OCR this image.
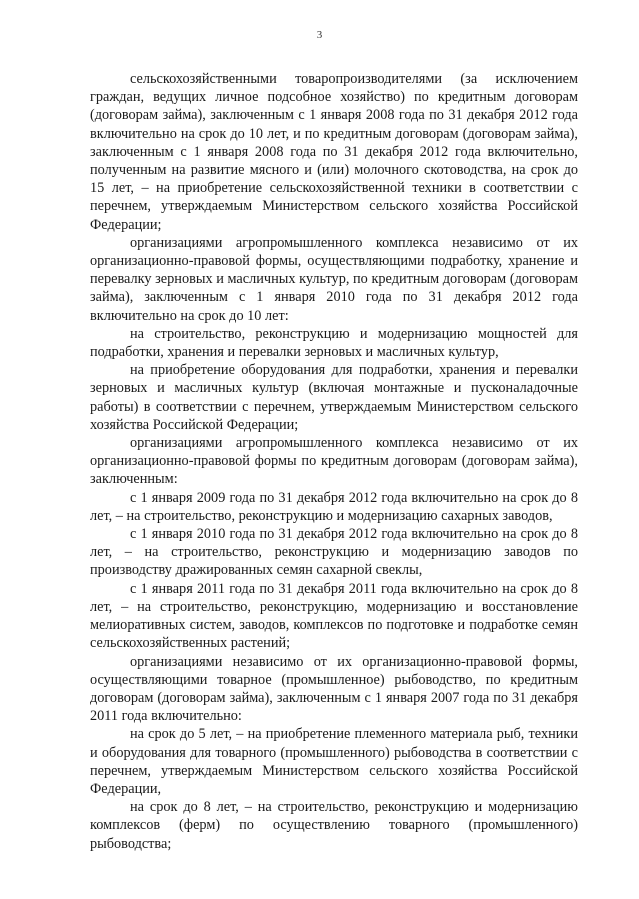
3

сельскохозяйственными товаропроизводителями (за исключением граждан, ведущих личное подсобное хозяйство) по кредитным договорам (договорам займа), заключенным с 1 января 2008 года по 31 декабря 2012 года включительно на срок до 10 лет, и по кредитным договорам (договорам займа), заключенным с 1 января 2008 года по 31 декабря 2012 года включительно, полученным на развитие мясного и (или) молочного скотоводства, на срок до 15 лет, – на приобретение сельскохозяйственной техники в соответствии с перечнем, утверждаемым Министерством сельского хозяйства Российской Федерации;

организациями агропромышленного комплекса независимо от их организационно-правовой формы, осуществляющими подработку, хранение и перевалку зерновых и масличных культур, по кредитным договорам (договорам займа), заключенным с 1 января 2010 года по 31 декабря 2012 года включительно на срок до 10 лет:

на строительство, реконструкцию и модернизацию мощностей для подработки, хранения и перевалки зерновых и масличных культур,

на приобретение оборудования для подработки, хранения и перевалки зерновых и масличных культур (включая монтажные и пусконаладочные работы) в соответствии с перечнем, утверждаемым Министерством сельского хозяйства Российской Федерации;

организациями агропромышленного комплекса независимо от их организационно-правовой формы по кредитным договорам (договорам займа), заключенным:

с 1 января 2009 года по 31 декабря 2012 года включительно на срок до 8 лет, – на строительство, реконструкцию и модернизацию сахарных заводов,

с 1 января 2010 года по 31 декабря 2012 года включительно на срок до 8 лет, – на строительство, реконструкцию и модернизацию заводов по производству дражированных семян сахарной свеклы,

с 1 января 2011 года по 31 декабря 2011 года включительно на срок до 8 лет, – на строительство, реконструкцию, модернизацию и восстановление мелиоративных систем, заводов, комплексов по подготовке и подработке семян сельскохозяйственных растений;

организациями независимо от их организационно-правовой формы, осуществляющими товарное (промышленное) рыбоводство, по кредитным договорам (договорам займа), заключенным с 1 января 2007 года по 31 декабря 2011 года включительно:

на срок до 5 лет, – на приобретение племенного материала рыб, техники и оборудования для товарного (промышленного) рыбоводства в соответствии с перечнем, утверждаемым Министерством сельского хозяйства Российской Федерации,

на срок до 8 лет, – на строительство, реконструкцию и модернизацию комплексов (ферм) по осуществлению товарного (промышленного) рыбоводства;
